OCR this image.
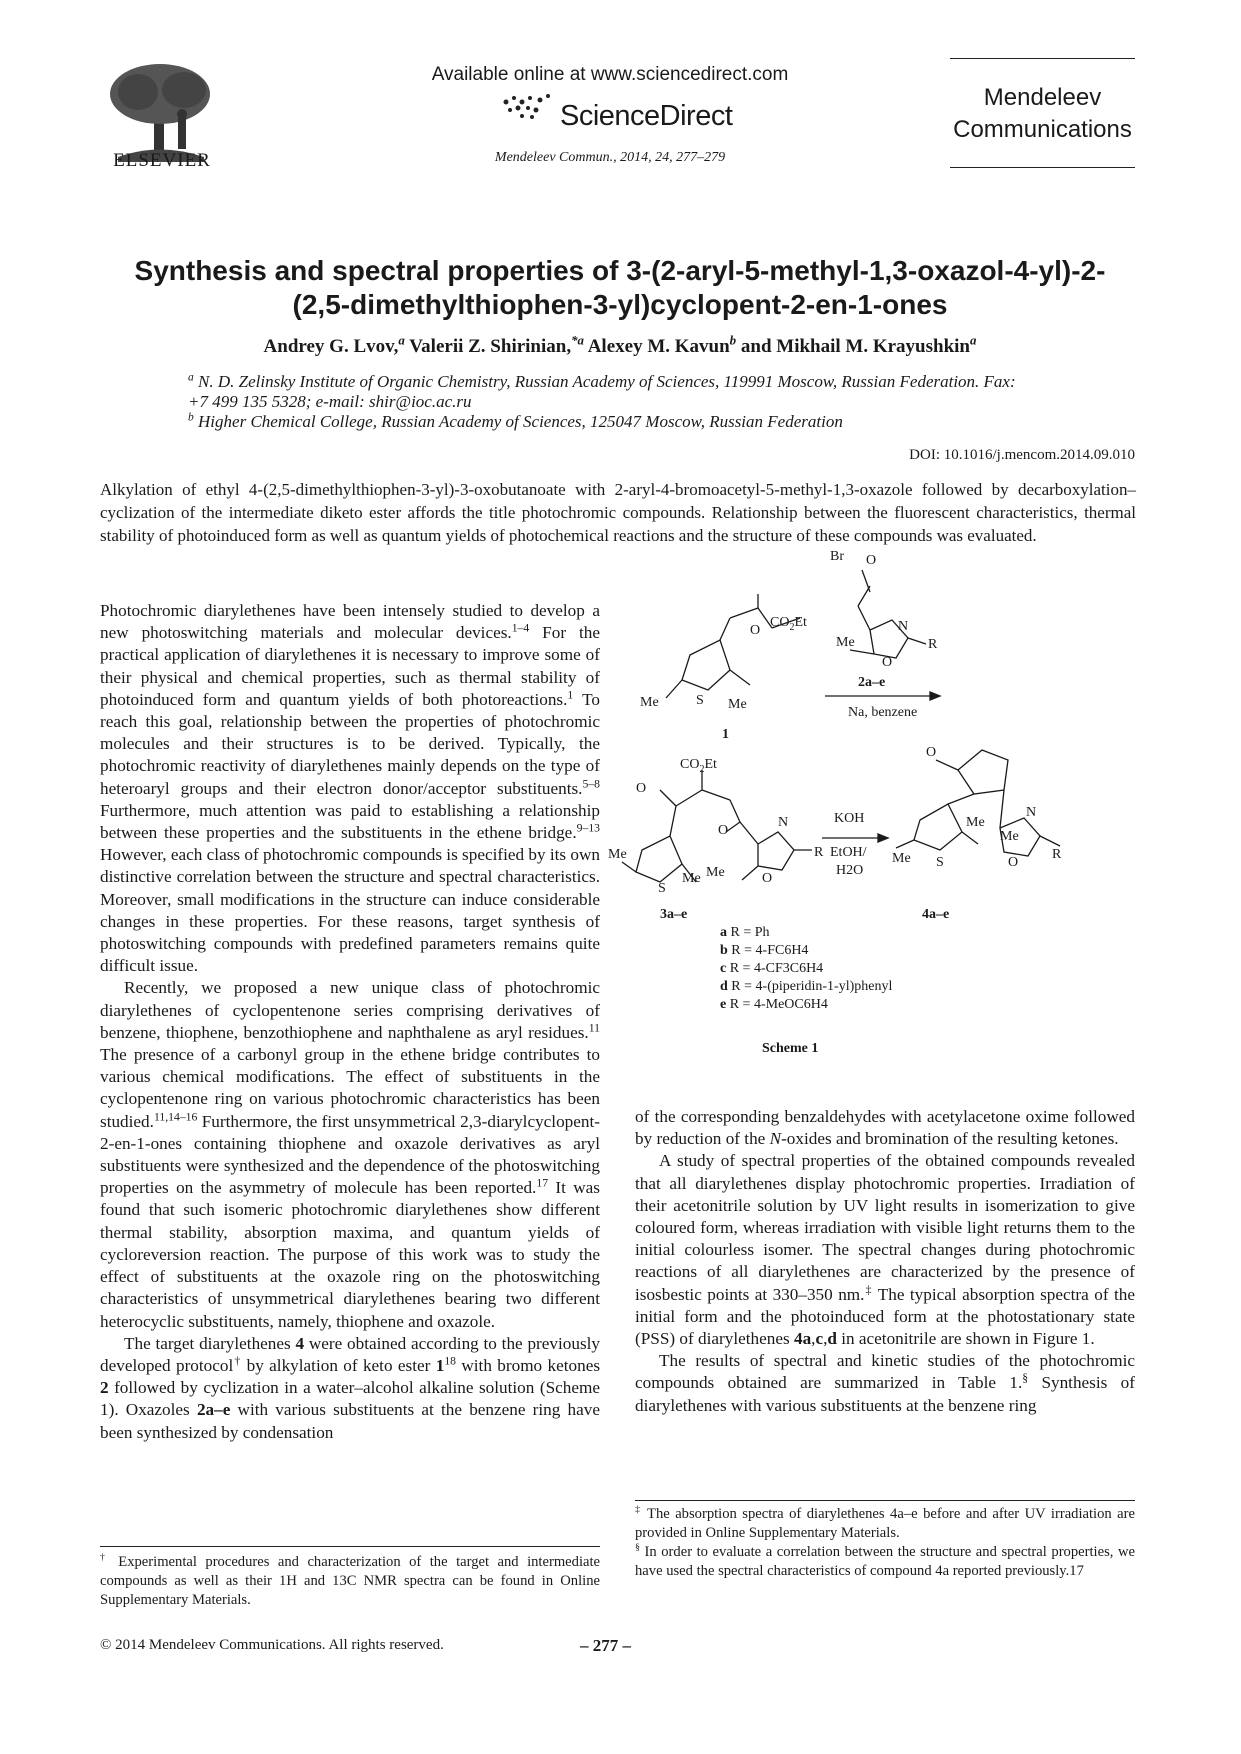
ELSEVIER
Available online at www.sciencedirect.com
ScienceDirect
Mendeleev Commun., 2014, 24, 277–279
Mendeleev Communications
Synthesis and spectral properties of 3-(2-aryl-5-methyl-1,3-oxazol-4-yl)-2-(2,5-dimethylthiophen-3-yl)cyclopent-2-en-1-ones
Andrey G. Lvov,$^a$ Valerii Z. Shirinian,$^{*a}$ Alexey M. Kavun$^b$ and Mikhail M. Krayushkin$^a$
$^a$ N. D. Zelinsky Institute of Organic Chemistry, Russian Academy of Sciences, 119991 Moscow, Russian Federation. Fax: +7 499 135 5328; e-mail: shir@ioc.ac.ru
$^b$ Higher Chemical College, Russian Academy of Sciences, 125047 Moscow, Russian Federation
DOI: 10.1016/j.mencom.2014.09.010
Alkylation of ethyl 4-(2,5-dimethylthiophen-3-yl)-3-oxobutanoate with 2-aryl-4-bromoacetyl-5-methyl-1,3-oxazole followed by decarboxylation–cyclization of the intermediate diketo ester affords the title photochromic compounds. Relationship between the fluorescent characteristics, thermal stability of photoinduced form as well as quantum yields of photochemical reactions and the structure of these compounds was evaluated.

Photochromic diarylethenes have been intensely studied to develop a new photoswitching materials and molecular devices.$^{1-4}$ For the practical application of diarylethenes it is necessary to improve some of their physical and chemical properties, such as thermal stability of photoinduced form and quantum yields of both photoreactions.$^1$ To reach this goal, relationship between the properties of photochromic molecules and their structures is to be derived. Typically, the photochromic reactivity of diarylethenes mainly depends on the type of heteroaryl groups and their electron donor/acceptor substituents.$^{5-8}$ Furthermore, much attention was paid to establishing a relationship between these properties and the substituents in the ethene bridge.$^{9-13}$ However, each class of photochromic compounds is specified by its own distinctive correlation between the structure and spectral characteristics. Moreover, small modifications in the structure can induce considerable changes in these properties. For these reasons, target synthesis of photoswitching compounds with predefined parameters remains quite difficult issue.

Recently, we proposed a new unique class of photochromic diarylethenes of cyclopentenone series comprising derivatives of benzene, thiophene, benzothiophene and naphthalene as aryl residues.$^{11}$ The presence of a carbonyl group in the ethene bridge contributes to various chemical modifications. The effect of substituents in the cyclopentenone ring on various photochromic characteristics has been studied.$^{11,14-16}$ Furthermore, the first unsymmetrical 2,3-diarylcyclopent-2-en-1-ones containing thiophene and oxazole derivatives as aryl substituents were synthesized and the dependence of the photoswitching properties on the asymmetry of molecule has been reported.$^{17}$ It was found that such isomeric photochromic diarylethenes show different thermal stability, absorption maxima, and quantum yields of cycloreversion reaction. The purpose of this work was to study the effect of substituents at the oxazole ring on the photoswitching characteristics of unsymmetrical diarylethenes bearing two different heterocyclic substituents, namely, thiophene and oxazole.

The target diarylethenes 4 were obtained according to the previously developed protocol† by alkylation of keto ester $1^{18}$ with bromo ketones 2 followed by cyclization in a water–alcohol alkaline solution (Scheme 1). Oxazoles 2a–e with various substituents at the benzene ring have been synthesized by condensation

Br O
N
Me
O
R
$CO_2Et$
O
Me	S Me
2a–e
Na, benzene
1
$CO_2Et$
O
O
N
R
O
Me
Me
S
Me
KOH
EtOH/
H2O
O
Me
N
R
O
Me S
Me
3a–e	4a–e
a R = Ph
b R = 4-FC6H4
c R = 4-CF3C6H4
d R = 4-(piperidin-1-yl)phenyl
e R = 4-MeOC6H4
Scheme 1

of the corresponding benzaldehydes with acetylacetone oxime followed by reduction of the N-oxides and bromination of the resulting ketones.

A study of spectral properties of the obtained compounds revealed that all diarylethenes display photochromic properties. Irradiation of their acetonitrile solution by UV light results in isomerization to give coloured form, whereas irradiation with visible light returns them to the initial colourless isomer. The spectral changes during photochromic reactions of all diarylethenes are characterized by the presence of isosbestic points at 330–350 nm.‡ The typical absorption spectra of the initial form and the photoinduced form at the photostationary state (PSS) of diarylethenes 4a,c,d in acetonitrile are shown in Figure 1.

The results of spectral and kinetic studies of the photochromic compounds obtained are summarized in Table 1.§ Synthesis of diarylethenes with various substituents at the benzene ring

† Experimental procedures and characterization of the target and intermediate compounds as well as their 1H and 13C NMR spectra can be found in Online Supplementary Materials.
‡ The absorption spectra of diarylethenes 4a–e before and after UV irradiation are provided in Online Supplementary Materials.
§ In order to evaluate a correlation between the structure and spectral properties, we have used the spectral characteristics of compound 4a reported previously.17
© 2014 Mendeleev Communications. All rights reserved.	– 277 –
